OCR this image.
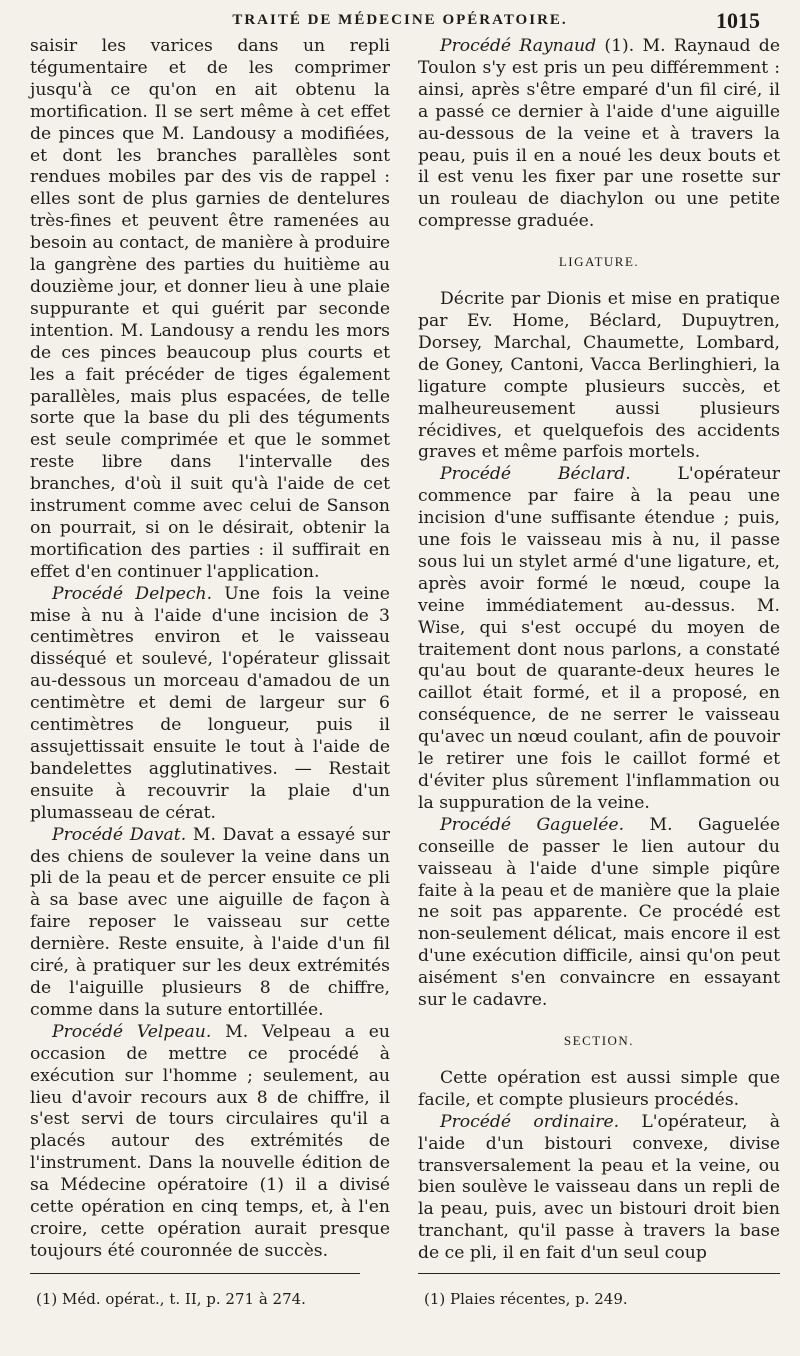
TRAITÉ DE MÉDECINE OPÉRATOIRE.	1015

saisir les varices dans un repli tégumentaire et de les comprimer jusqu'à ce qu'on en ait obtenu la mortification. Il se sert même à cet effet de pinces que M. Landousy a modifiées, et dont les branches parallèles sont rendues mobiles par des vis de rappel : elles sont de plus garnies de dentelures très-fines et peuvent être ramenées au besoin au contact, de manière à produire la gangrène des parties du huitième au douzième jour, et donner lieu à une plaie suppurante et qui guérit par seconde intention. M. Landousy a rendu les mors de ces pinces beaucoup plus courts et les a fait précéder de tiges également parallèles, mais plus espacées, de telle sorte que la base du pli des téguments est seule comprimée et que le sommet reste libre dans l'intervalle des branches, d'où il suit qu'à l'aide de cet instrument comme avec celui de Sanson on pourrait, si on le désirait, obtenir la mortification des parties : il suffirait en effet d'en continuer l'application.

Procédé Delpech. Une fois la veine mise à nu à l'aide d'une incision de 3 centimètres environ et le vaisseau disséqué et soulevé, l'opérateur glissait au-dessous un morceau d'amadou de un centimètre et demi de largeur sur 6 centimètres de longueur, puis il assujettissait ensuite le tout à l'aide de bandelettes agglutinatives. — Restait ensuite à recouvrir la plaie d'un plumasseau de cérat.

Procédé Davat. M. Davat a essayé sur des chiens de soulever la veine dans un pli de la peau et de percer ensuite ce pli à sa base avec une aiguille de façon à faire reposer le vaisseau sur cette dernière. Reste ensuite, à l'aide d'un fil ciré, à pratiquer sur les deux extrémités de l'aiguille plusieurs 8 de chiffre, comme dans la suture entortillée.

Procédé Velpeau. M. Velpeau a eu occasion de mettre ce procédé à exécution sur l'homme ; seulement, au lieu d'avoir recours aux 8 de chiffre, il s'est servi de tours circulaires qu'il a placés autour des extrémités de l'instrument. Dans la nouvelle édition de sa Médecine opératoire (1) il a divisé cette opération en cinq temps, et, à l'en croire, cette opération aurait presque toujours été couronnée de succès.

Procédé Raynaud (1). M. Raynaud de Toulon s'y est pris un peu différemment : ainsi, après s'être emparé d'un fil ciré, il a passé ce dernier à l'aide d'une aiguille au-dessous de la veine et à travers la peau, puis il en a noué les deux bouts et il est venu les fixer par une rosette sur un rouleau de diachylon ou une petite compresse graduée.

LIGATURE.

Décrite par Dionis et mise en pratique par Ev. Home, Béclard, Dupuytren, Dorsey, Marchal, Chaumette, Lombard, de Goney, Cantoni, Vacca Berlinghieri, la ligature compte plusieurs succès, et malheureusement aussi plusieurs récidives, et quelquefois des accidents graves et même parfois mortels.

Procédé Béclard.	L'opérateur commence par faire à la peau une incision d'une suffisante étendue ; puis, une fois le vaisseau mis à nu, il passe sous lui un stylet armé d'une ligature, et, après avoir formé le nœud, coupe la veine immédiatement au-dessus. M. Wise, qui s'est occupé du moyen de traitement dont nous parlons, a constaté qu'au bout de quarante-deux heures le caillot était formé, et il a proposé, en conséquence, de ne serrer le vaisseau qu'avec un nœud coulant, afin de pouvoir le retirer une fois le caillot formé et d'éviter plus sûrement l'inflammation ou la suppuration de la veine.

Procédé Gaguelée. M. Gaguelée conseille de passer le lien autour du vaisseau à l'aide d'une simple piqûre faite à la peau et de manière que la plaie ne soit pas apparente. Ce procédé est non-seulement délicat, mais encore il est d'une exécution difficile, ainsi qu'on peut aisément s'en convaincre en essayant sur le cadavre.

SECTION.

Cette opération est aussi simple que facile, et compte plusieurs procédés.

Procédé ordinaire. L'opérateur, à l'aide d'un bistouri convexe, divise transversalement la peau et la veine, ou bien soulève le vaisseau dans un repli de la peau, puis, avec un bistouri droit bien tranchant, qu'il passe à travers la base de ce pli, il en fait d'un seul coup

(1) Méd. opérat., t. II, p. 271 à 274.	(1) Plaies récentes, p. 249.
